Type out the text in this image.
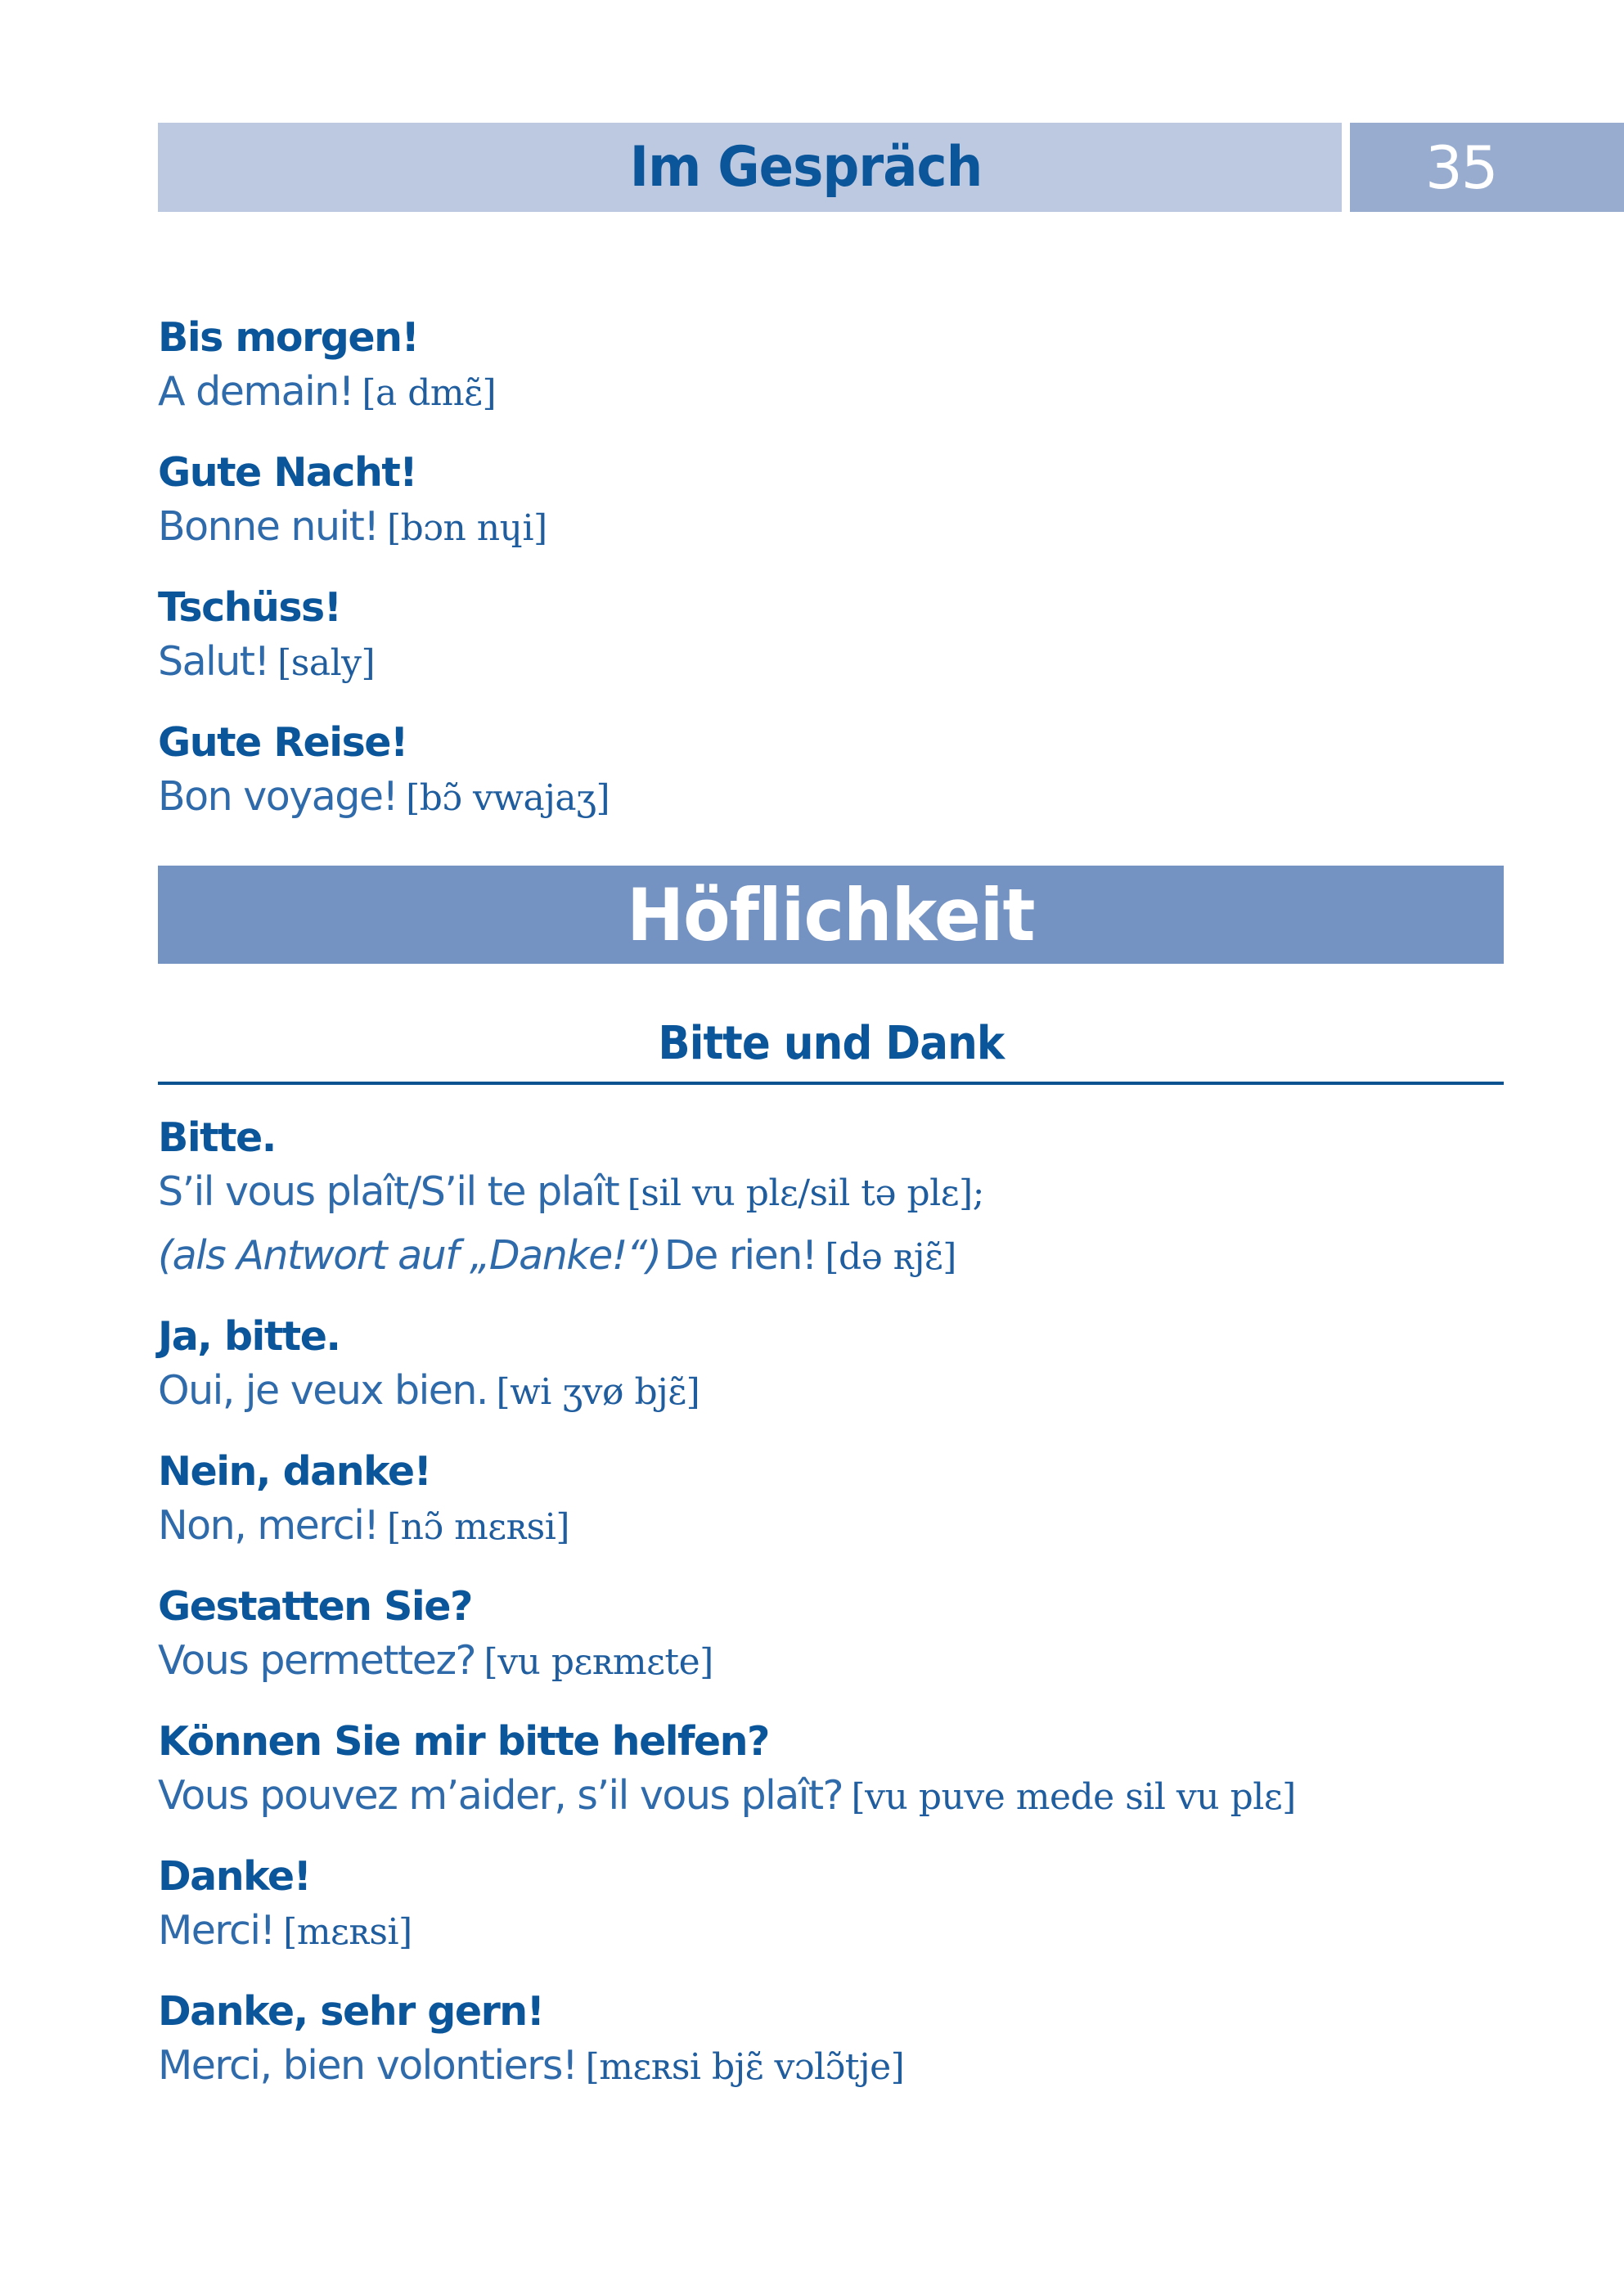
Im Gespräch	35
Bis morgen!
A demain! [a dmɛ̃]
Gute Nacht!
Bonne nuit! [bɔn nɥi]
Tschüss!
Salut! [saly]
Gute Reise!
Bon voyage! [bɔ̃ vwajaʒ]
Höflichkeit
Bitte und Dank
Bitte.
S’il vous plaît/S’il te plaît [sil vu plɛ/sil tə plɛ];
(als Antwort auf „Danke!“) De rien! [də ʀjɛ̃]
Ja, bitte.
Oui, je veux bien. [wi ʒvø bjɛ̃]
Nein, danke!
Non, merci! [nɔ̃ mɛʀsi]
Gestatten Sie?
Vous permettez? [vu pɛʀmɛte]
Können Sie mir bitte helfen?
Vous pouvez m’aider, s’il vous plaît? [vu puve mede sil vu plɛ]
Danke!
Merci! [mɛʀsi]
Danke, sehr gern!
Merci, bien volontiers! [mɛʀsi bjɛ̃ vɔlɔ̃tje]
